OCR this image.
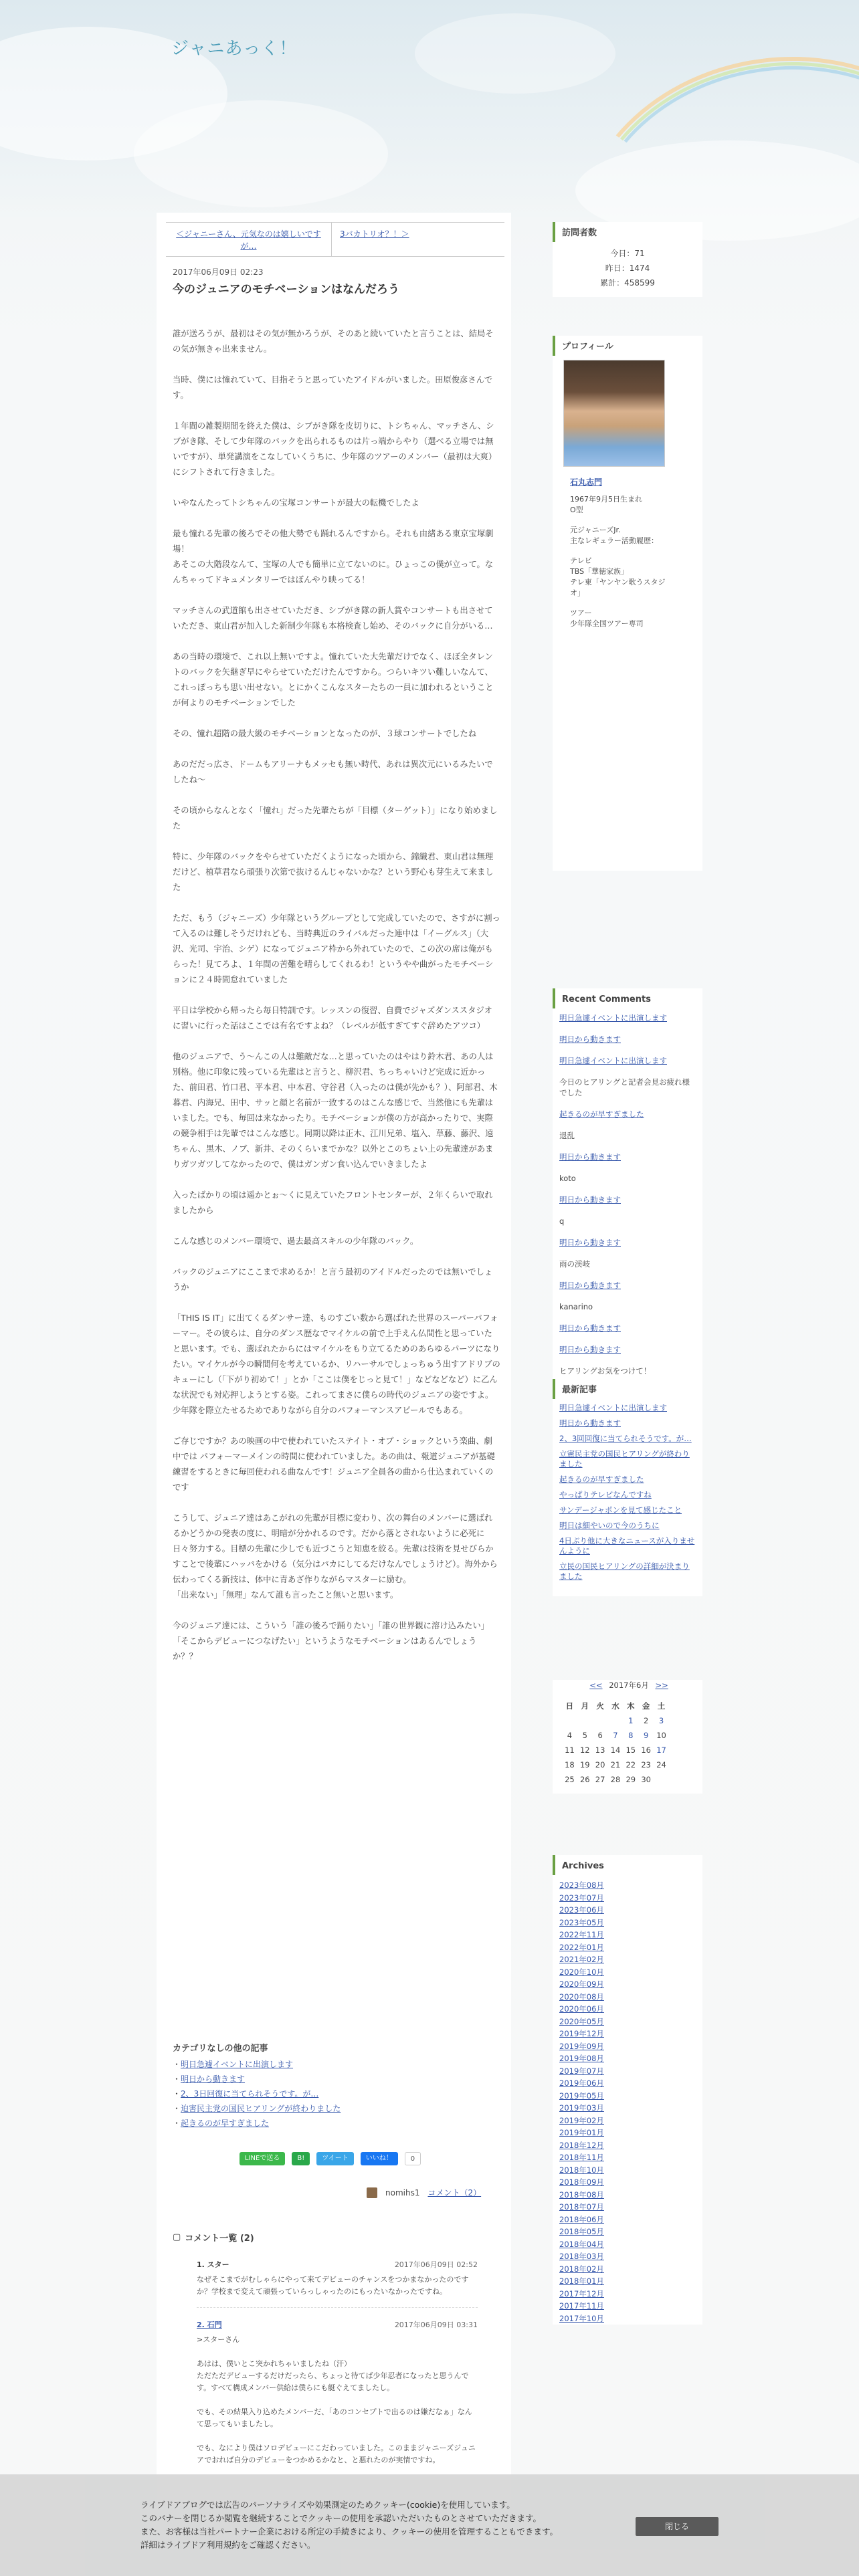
ジャニあっく！
＜ジャニーさん、元気なのは嬉しいですが…
3バカトリオ？！＞
2017年06月09日 02:23
今のジュニアのモチベーションはなんだろう

誰が送ろうが、最初はその気が無かろうが、そのあと続いていたと言うことは、結局その気が無きゃ出来ません。

当時、僕には憧れていて、目指そうと思っていたアイドルがいました。田原俊彦さんです。

１年間の雑製期間を終えた僕は、シブがき隊を皮切りに、トシちゃん、マッチさん、シブがき隊、そして少年隊のバックを出られるものは片っ端からやり（選べる立場では無いですが）、単発講演をこなしていくうちに、少年隊のツアーのメンバー（最初は大爽）にシフトされて行きました。

いやなんたってトシちゃんの宝塚コンサートが最大の転機でしたよ

最も憧れる先輩の後ろでその他大勢でも踊れるんですから。それも由緒ある東京宝塚劇場！
あそこの大階段なんて、宝塚の人でも簡単に立てないのに。ひょっこの僕が立って。なんちゃってドキュメンタリーではぼんやり映ってる！

マッチさんの武道館も出させていただき、シブがき隊の新人賞やコンサートも出させていただき、東山君が加入した新制少年隊も本格検査し始め、そのバックに自分がいる…

あの当時の環境で、これ以上無いですよ。憧れていた大先輩だけでなく、ほぼ全タレントのバックを矢継ぎ早にやらせていただけたんですから。つらいキツい難しいなんて、これっぽっちも思い出せない。とにかくこんなスターたちの一員に加われるということが何よりのモチベーションでした

その、憧れ超階の最大級のモチベーションとなったのが、３球コンサートでしたね

あのだだっ広さ、ドームもアリーナもメッセも無い時代、あれは異次元にいるみたいでしたね〜

その頃からなんとなく「憧れ」だった先輩たちが「目標（ターゲット）」になり始めました

特に、少年隊のバックをやらせていただくようになった頃から、錦織君、東山君は無理だけど、植草君なら頑張り次第で抜けるんじゃないかな？という野心も芽生えて来ました

ただ、もう（ジャニーズ）少年隊というグループとして完成していたので、さすがに割って入るのは難しそうだけれども、当時典近のライバルだった連中は「イーグルス」（大沢、光司、宇治、シゲ）になってジュニア枠から外れていたので、この次の席は俺がもらった！見てろよ、１年間の苦難を晴らしてくれるわ！というやや曲がったモチベーションに２４時間怠れていました

平日は学校から帰ったら毎日特訓です。レッスンの復習、自費でジャズダンススタジオに習いに行った話はここでは有名ですよね？（レベルが低すぎてすぐ辞めたアツコ）

他のジュニアで、う〜んこの人は難敵だな…と思っていたのはやはり鈴木君、あの人は別格。他に印象に残っている先輩はと言うと、柳沢君、ちっちゃいけど完成に近かった、前田君、竹口君、平本君、中本君、守谷君（入ったのは僕が先かも？）、阿部君、木暮君、内海兄、田中、サッと顔と名前が一致するのはこんな感じで、当然他にも先輩はいました。でも、毎回は来なかったり。モチベーションが僕の方が高かったりで、実際の競争相手は先輩ではこんな感じ。同期以降は正木、江川兄弟、塩入、草藤、藤沢、遠ちゃん、黒木、ノブ、新井、そのくらいまでかな？以外とこのちょい上の先輩達があまりガツガツしてなかったので、僕はガンガン食い込んでいきましたよ

入ったばかりの頃は遥かとぉ〜くに見えていたフロントセンターが、２年くらいで取れましたから

こんな感じのメンバー環境で、過去最高スキルの少年隊のバック。

バックのジュニアにここまで求めるか！と言う最初のアイドルだったのでは無いでしょうか

「THIS IS IT」に出てくるダンサー達、ものすごい数から選ばれた世界のスーパーパフォーマー。その彼らは、自分のダンス歴なでマイケルの前で上手えん仏間性と思っていたと思います。でも、選ばれたからにはマイケルをもり立てるためのあらゆるパーツになりたい。マイケルが今の瞬間何を考えているか、リハーサルでしょっちゅう出すアドリブのキューにし（「下がり初めて！」とか「ここは僕をじっと見て！」などなどなど）に乙んな状況でも対応押しようとする姿。これってまさに僕らの時代のジュニアの姿ですよ。少年隊を際立たせるためでありながら自分のパフォーマンスアピールでもある。

ご存じですか？あの映画の中で使われていたステイト・オブ・ショックという楽曲、劇中では パフォーマーメインの時間に使われていました。あの曲は、報道ジュニアが基礎練習をするときに毎回使われる曲なんです！ジュニア全員各の曲から仕込まれていくのです

こうして、ジュニア達はあこがれの先輩が目標に変わり、次の舞台のメンバーに選ばれるかどうかの発表の度に、明暗が分かれるのです。だから落とされないように必死に日々努力する。目標の先輩に少しでも近づこうと知恵を絞る。先輩は技術を見せびらかすことで後輩にハッパをかける（気分はパカにしてるだけなんでしょうけど）。海外から伝わってくる新技は、体中に青あざ作りながらマスターに励む。
「出来ない」「無理」なんて誰も言ったこと無いと思います。

今のジュニア達には、こういう「誰の後ろで踊りたい」「誰の世界観に溶け込みたい」「そこからデビューにつなげたい」というようなモチベーションはあるんでしょうか？？

カテゴリなしの他の記事
・ 明日急遽イベントに出演します
・ 明日から動きます
・ 2、3日回復に当てられそうです。が…
・ 迫害民主党の国民ヒアリングが終わりました
・ 起きるのが早すぎました
LINEで送る	B!	ツイート	いいね！	0
nomihs1 コメント（2）
▢ コメント一覧 (2)
1. スター	2017年06月09日 02:52
なぜそこまでがむしゃらにやって来てデビューのチャンスをつかまなかったのですか？学校まで変えて頑張っていらっしゃったのにもったいなかったですね。
2. 石門	2017年06月09日 03:31
>スターさん

あはは、僕いとこ突かれちゃいましたね（汗）
ただただデビューするだけだったら、ちょっと待てば少年忍者になったと思うんです。すべて構成メンバー供給は僕らにも艇ぐえてましたし。

でも、その結果入り込めたメンバーだ、「あのコンセプトで出るのは嫌だなぁ」なんて思ってもいましたし。

でも、なにより僕はソロデビューにこだわっていました。このままジャニーズジュニアでおれば自分のデビューをつかめるかなと、と悪れたのが実情ですね。
訪問者数
今日：71
昨日：1474
累計：458599
プロフィール
石丸志門
1967年9月5日生まれ
O型
元ジャニーズJr.
主なレギュラー活動履歴：
テレビ
TBS「華徳家族」
テレ東「ヤンヤン歌うスタジオ」
ツアー
少年隊全国ツアー専司
Recent Comments
明日急遽イベントに出演します
明日から動きます
明日急遽イベントに出演します
今日のヒアリングと記者会見お疲れ様でした
起きるのが早すぎました
退乱
明日から動きます
koto
明日から動きます
q
明日から動きます
雨の渓岐
明日から動きます
kanarino
明日から動きます
明日から動きます
ヒアリングお気をつけて！
最新記事
明日急遽イベントに出演します
明日から動きます
2、3回回復に当てられそうです。が…
立憲民主党の国民ヒアリングが終わりました
起きるのが早すぎました
やっぱりテレビなんですね
サンデージャポンを見て感じたこと
明日は細やいので今のうちに
4日ぶり他に大きなニュースが入りませんように
立民の国民ヒアリングの詳細が決まりました
<< 2017年6月 >>
日	月	火	水	木	金	土
				1	2	3
4	5	6	7	8	9	10
11	12	13	14	15	16	17
18	19	20	21	22	23	24
25	26	27	28	29	30	
Archives
2023年08月
2023年07月
2023年06月
2023年05月
2022年11月
2022年01月
2021年02月
2020年10月
2020年09月
2020年08月
2020年06月
2020年05月
2019年12月
2019年09月
2019年08月
2019年07月
2019年06月
2019年05月
2019年03月
2019年02月
2019年01月
2018年12月
2018年11月
2018年10月
2018年09月
2018年08月
2018年07月
2018年06月
2018年05月
2018年04月
2018年03月
2018年02月
2018年01月
2017年12月
2017年11月
2017年10月
ライブドアブログでは広告のパーソナライズや効果測定のためクッキー(cookie)を使用しています。
このバナーを閉じるか閲覧を継続することでクッキーの使用を承認いただいたものとさせていただきます。
また、お客様は当社パートナー企業における所定の手続きにより、クッキーの使用を管理することもできます。
詳細はライブドア利用規約をご確認ください。
閉じる
